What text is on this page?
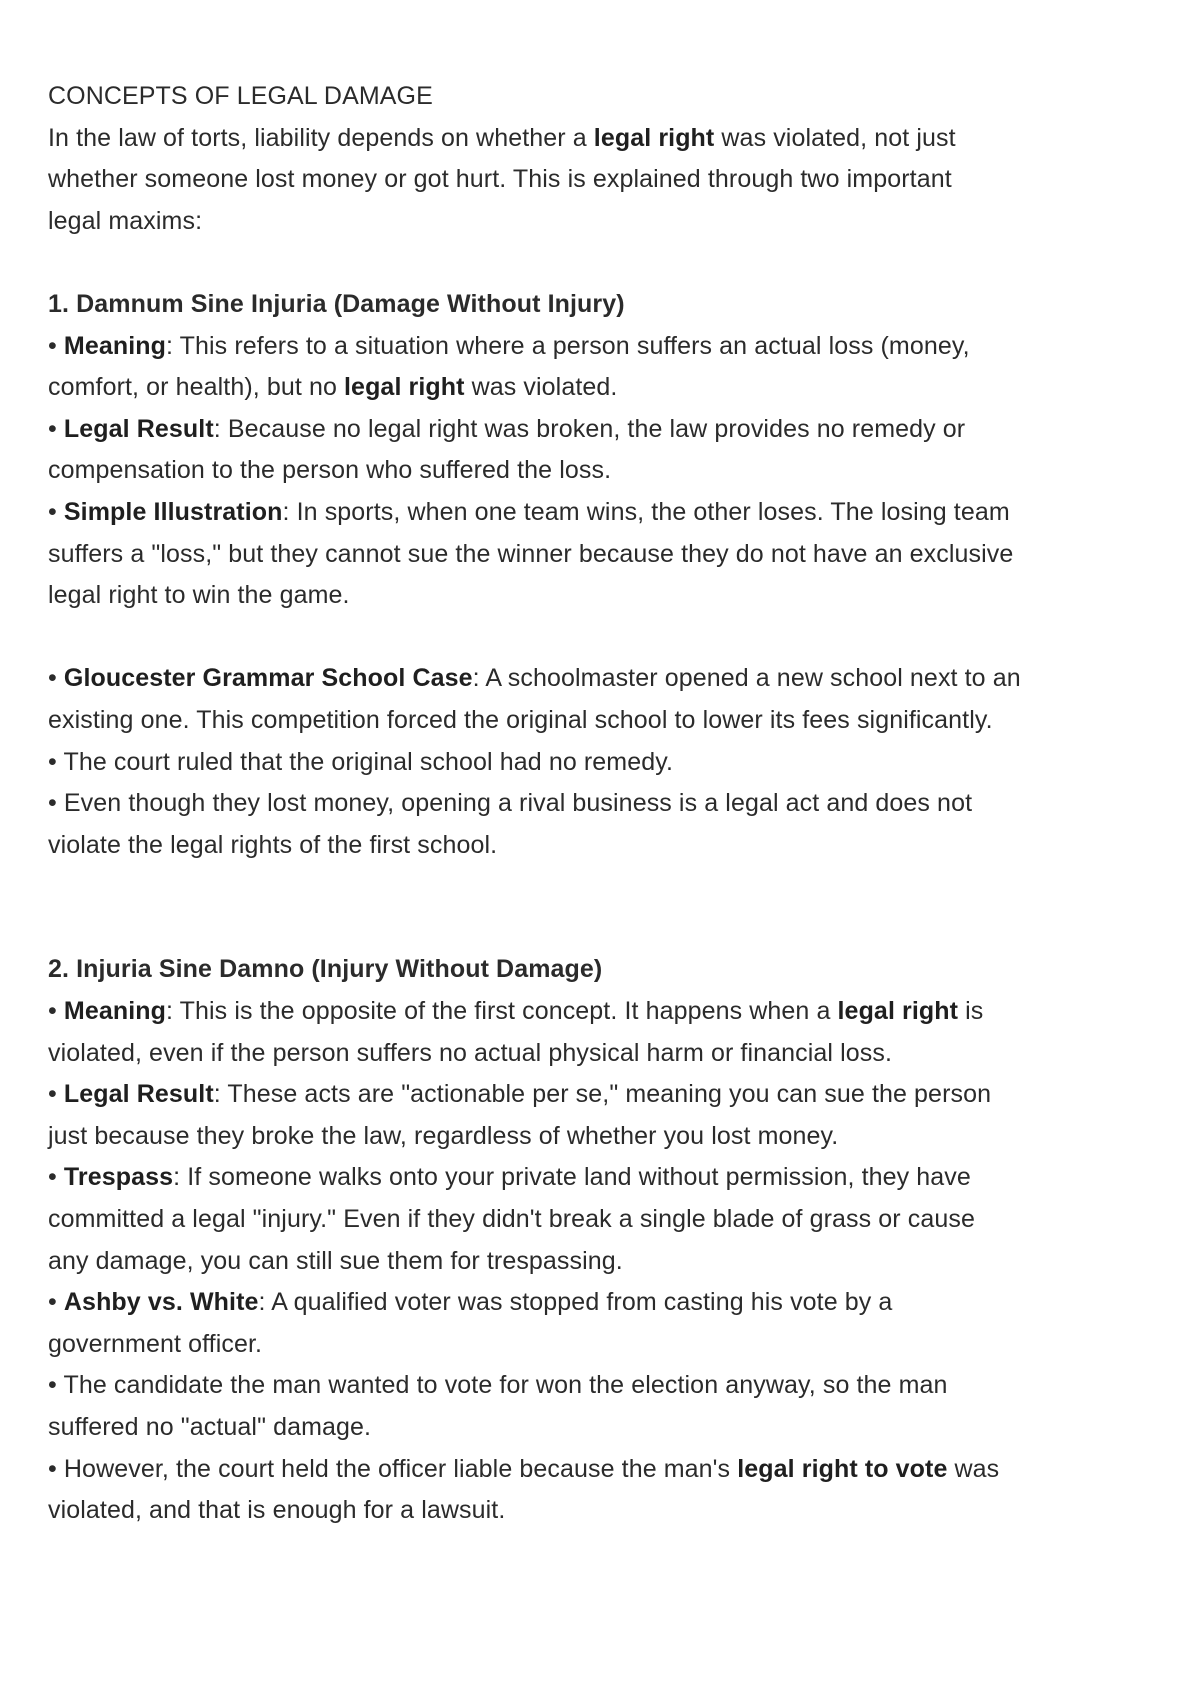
CONCEPTS OF LEGAL DAMAGE
In the law of torts, liability depends on whether a legal right was violated, not just
whether someone lost money or got hurt. This is explained through two important
legal maxims:
1. Damnum Sine Injuria (Damage Without Injury)
• Meaning: This refers to a situation where a person suffers an actual loss (money,
comfort, or health), but no legal right was violated.
• Legal Result: Because no legal right was broken, the law provides no remedy or
compensation to the person who suffered the loss.
• Simple Illustration: In sports, when one team wins, the other loses. The losing team
suffers a "loss," but they cannot sue the winner because they do not have an exclusive
legal right to win the game.
• Gloucester Grammar School Case: A schoolmaster opened a new school next to an
existing one. This competition forced the original school to lower its fees significantly.
• The court ruled that the original school had no remedy.
• Even though they lost money, opening a rival business is a legal act and does not
violate the legal rights of the first school.
2. Injuria Sine Damno (Injury Without Damage)
• Meaning: This is the opposite of the first concept. It happens when a legal right is
violated, even if the person suffers no actual physical harm or financial loss.
• Legal Result: These acts are "actionable per se," meaning you can sue the person
just because they broke the law, regardless of whether you lost money.
• Trespass: If someone walks onto your private land without permission, they have
committed a legal "injury." Even if they didn't break a single blade of grass or cause
any damage, you can still sue them for trespassing.
• Ashby vs. White: A qualified voter was stopped from casting his vote by a
government officer.
• The candidate the man wanted to vote for won the election anyway, so the man
suffered no "actual" damage.
• However, the court held the officer liable because the man's legal right to vote was
violated, and that is enough for a lawsuit.
